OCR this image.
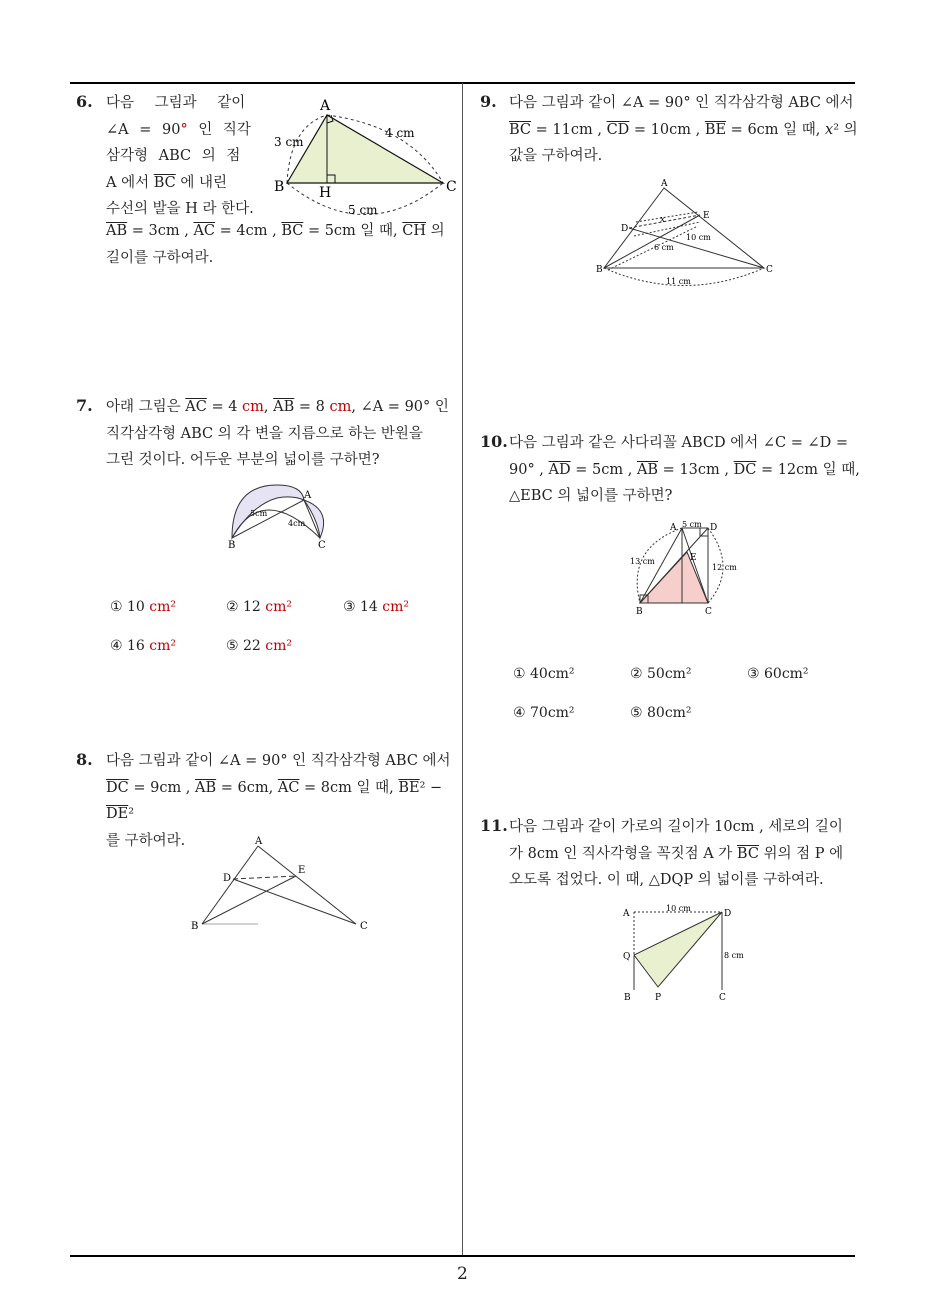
6. 다음 그림과 같이
∠A = 90° 인 직각
삼각형 ABC 의 점
A 에서 $\overline{BC}$ 에 내린
수선의 발을 H 라 한다.
$\overline{AB} = 3cm$ , $\overline{AC} = 4cm$ , $\overline{BC} = 5cm$ 일 때, $\overline{CH}$ 의
길이를 구하여라.
A
B	C
H
3 cm
4 cm
5 cm
7. 아래 그림은 $\overline{AC} = 4$ cm, $\overline{AB} = 8$ cm, ∠A = 90° 인
직각삼각형 ABC 의 각 변을 지름으로 하는 반원을
그린 것이다. 어두운 부분의 넓이를 구하면?
A
B	C
5cm
4cm
① 10 cm²	② 12 cm²	③ 14 cm²
④ 16 cm²	⑤ 22 cm²
8. 다음 그림과 같이 ∠A = 90° 인 직각삼각형 ABC 에서
$\overline{DC} = 9cm$ , $\overline{AB} = 6cm$, $\overline{AC} = 8cm$ 일 때, $\overline{BE}^2 - \overline{DE}^2$
를 구하여라.	A
B	C
D
E
9. 다음 그림과 같이 ∠A = 90° 인 직각삼각형 ABC 에서
$\overline{BC} = 11cm$ , $\overline{CD} = 10cm$ , $\overline{BE} = 6cm$ 일 때, x² 의
값을 구하여라.
A
B	C
D
E
x
10 cm
6 cm
11 cm
10. 다음 그림과 같은 사다리꼴 ABCD 에서 ∠C = ∠D =
90° , $\overline{AD} = 5cm$ , $\overline{AB} = 13cm$ , $\overline{DC} = 12cm$ 일 때,
△EBC 의 넓이를 구하면?
A	D
B	C
E
5 cm
13 cm
12 cm
① 40cm²	② 50cm²	③ 60cm²
④ 70cm²	⑤ 80cm²
11. 다음 그림과 같이 가로의 길이가 10cm , 세로의 길이
가 8cm 인 직사각형을 꼭짓점 A 가 $\overline{BC}$ 위의 점 P 에
오도록 접었다. 이 때, △DQP 의 넓이를 구하여라.
A	D
Q
B	P	C
10 cm
8 cm
2
